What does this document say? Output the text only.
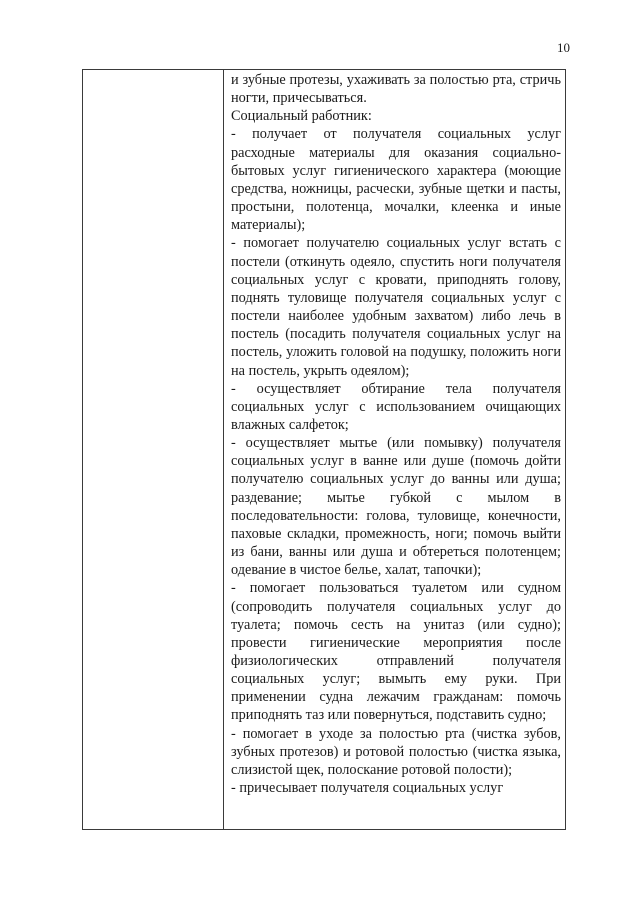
10

и зубные протезы, ухаживать за полостью рта, стричь ногти, причесываться.

Социальный работник:

- получает от получателя социальных услуг расходные материалы для оказания социально-бытовых услуг гигиенического характера (моющие средства, ножницы, расчески, зубные щетки и пасты, простыни, полотенца, мочалки, клеенка и иные материалы);

- помогает получателю социальных услуг встать с постели (откинуть одеяло, спустить ноги получателя социальных услуг с кровати, приподнять голову, поднять туловище получателя социальных услуг с постели наиболее удобным захватом) либо лечь в постель (посадить получателя социальных услуг на постель, уложить головой на подушку, положить ноги на постель, укрыть одеялом);

- осуществляет обтирание тела получателя социальных услуг с использованием очищающих влажных салфеток;

- осуществляет мытье (или помывку) получателя социальных услуг в ванне или душе (помочь дойти получателю социальных услуг до ванны или душа; раздевание; мытье губкой с мылом в последовательности: голова, туловище, конечности, паховые складки, промежность, ноги; помочь выйти из бани, ванны или душа и обтереться полотенцем; одевание в чистое белье, халат, тапочки);

- помогает пользоваться туалетом или судном (сопроводить получателя социальных услуг до туалета; помочь сесть на унитаз (или судно); провести гигиенические мероприятия после физиологических отправлений получателя социальных услуг; вымыть ему руки. При применении судна лежачим гражданам: помочь приподнять таз или повернуться, подставить судно;

- помогает в уходе за полостью рта (чистка зубов, зубных протезов) и ротовой полостью (чистка языка, слизистой щек, полоскание ротовой полости);

- причесывает получателя социальных услуг
